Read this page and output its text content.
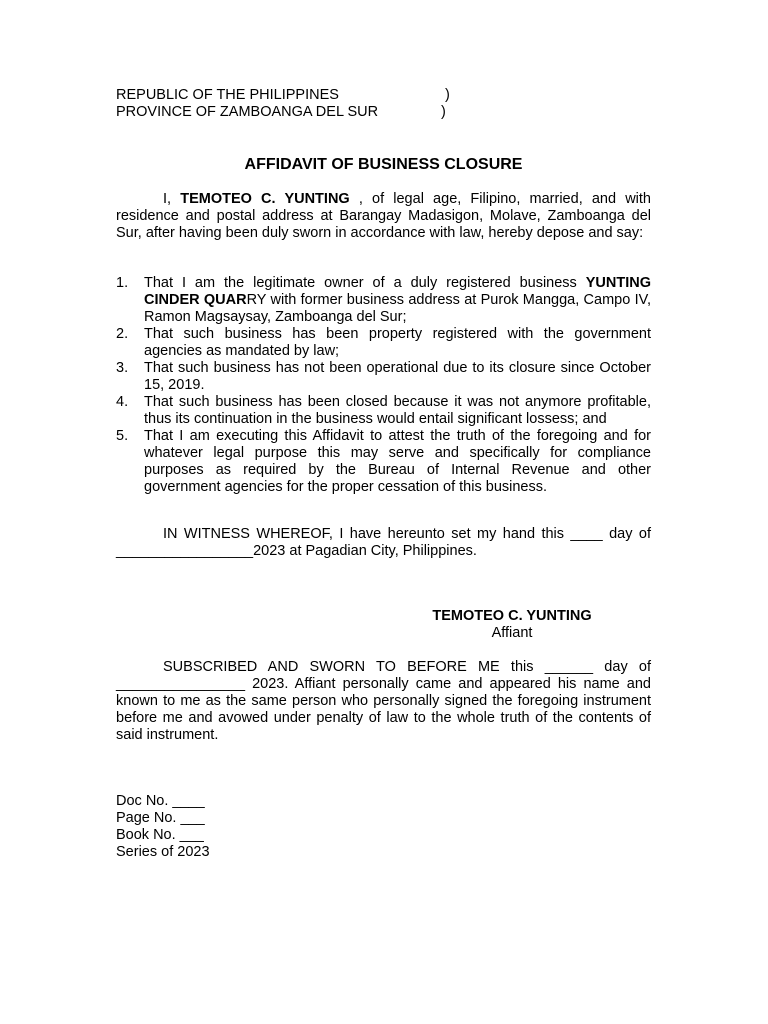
REPUBLIC OF THE PHILIPPINES	)
PROVINCE OF ZAMBOANGA DEL SUR	)
AFFIDAVIT OF BUSINESS CLOSURE
I, TEMOTEO C. YUNTING , of legal age, Filipino, married, and with residence and postal address at Barangay Madasigon, Molave, Zamboanga del Sur, after having been duly sworn in accordance with law, hereby depose and say:
1. That I am the legitimate owner of a duly registered business YUNTING CINDER QUARRY with former business address at Purok Mangga, Campo IV, Ramon Magsaysay, Zamboanga del Sur;
2. That such business has been property registered with the government agencies as mandated by law;
3. That such business has not been operational due to its closure since October 15, 2019.
4. That such business has been closed because it was not anymore profitable, thus its continuation in the business would entail significant lossess; and
5. That I am executing this Affidavit to attest the truth of the foregoing and for whatever legal purpose this may serve and specifically for compliance purposes as required by the Bureau of Internal Revenue and other government agencies for the proper cessation of this business.
IN WITNESS WHEREOF, I have hereunto set my hand this ____ day of _________________2023 at Pagadian City, Philippines.
TEMOTEO C. YUNTING
Affiant
SUBSCRIBED AND SWORN TO BEFORE ME this ______ day of ________________ 2023. Affiant personally came and appeared his name and known to me as the same person who personally signed the foregoing instrument before me and avowed under penalty of law to the whole truth of the contents of said instrument.
Doc No. ____
Page No. ___
Book No. ___
Series of 2023
